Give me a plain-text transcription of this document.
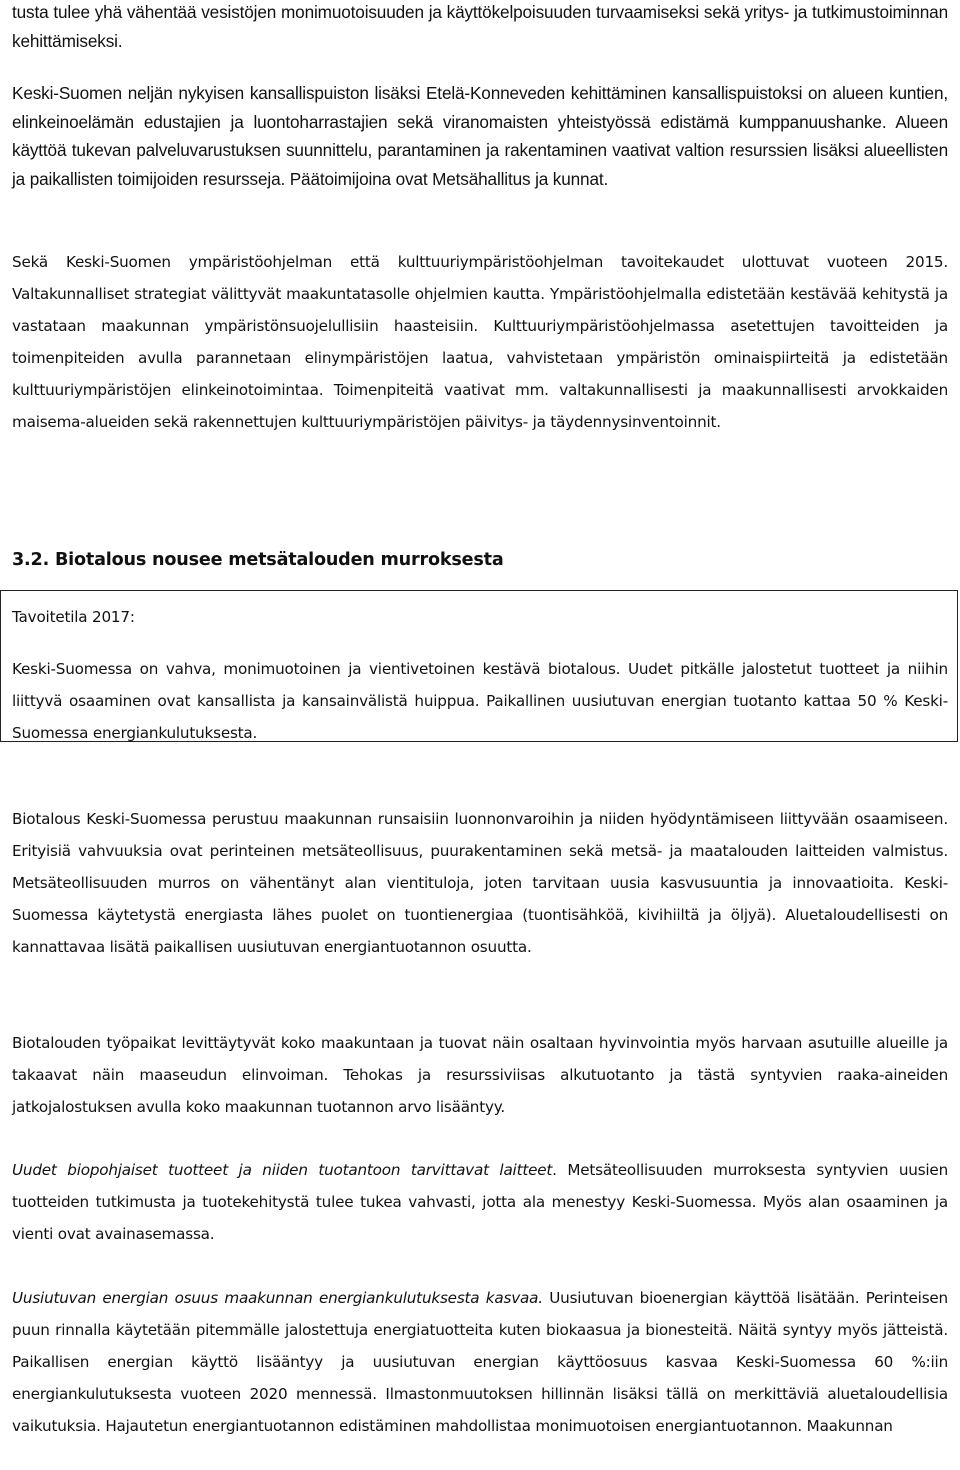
tusta tulee yhä vähentää vesistöjen monimuotoisuuden ja käyttökelpoisuuden turvaamiseksi sekä yritys- ja tutkimustoiminnan kehittämiseksi.

Keski-Suomen neljän nykyisen kansallispuiston lisäksi Etelä-Konneveden kehittäminen kansallispuistoksi on alueen kuntien, elinkeinoelämän edustajien ja luontoharrastajien sekä viranomaisten yhteistyössä edistämä kumppanuushanke. Alueen käyttöä tukevan palveluvarustuksen suunnittelu, parantaminen ja rakentaminen vaativat valtion resurssien lisäksi alueellisten ja paikallisten toimijoiden resursseja. Päätoimijoina ovat Metsähallitus ja kunnat.

Sekä Keski-Suomen ympäristöohjelman että kulttuuriympäristöohjelman tavoitekaudet ulottuvat vuoteen 2015. Valtakunnalliset strategiat välittyvät maakuntatasolle ohjelmien kautta. Ympäristöohjelmalla edistetään kestävää kehitystä ja vastataan maakunnan ympäristönsuojelullisiin haasteisiin. Kulttuuriympäristöohjelmassa asetettujen tavoitteiden ja toimenpiteiden avulla parannetaan elinympäristöjen laatua, vahvistetaan ympäristön ominaispiirteitä ja edistetään kulttuuriympäristöjen elinkeinotoimintaa. Toimenpiteitä vaativat mm. valtakunnallisesti ja maakunnallisesti arvokkaiden maisema-alueiden sekä rakennettujen kulttuuriympäristöjen päivitys- ja täydennysinventoinnit.

3.2. Biotalous nousee metsätalouden murroksesta

Tavoitetila 2017:

Keski-Suomessa on vahva, monimuotoinen ja vientivetoinen kestävä biotalous. Uudet pitkälle jalostetut tuotteet ja niihin liittyvä osaaminen ovat kansallista ja kansainvälistä huippua. Paikallinen uusiutuvan energian tuotanto kattaa 50 % Keski-Suomessa energiankulutuksesta.

Biotalous Keski-Suomessa perustuu maakunnan runsaisiin luonnonvaroihin ja niiden hyödyntämiseen liittyvään osaamiseen. Erityisiä vahvuuksia ovat perinteinen metsäteollisuus, puurakentaminen sekä metsä- ja maatalouden laitteiden valmistus. Metsäteollisuuden murros on vähentänyt alan vientituloja, joten tarvitaan uusia kasvusuuntia ja innovaatioita. Keski-Suomessa käytetystä energiasta lähes puolet on tuontienergiaa (tuontisähköä, kivihiiltä ja öljyä). Aluetaloudellisesti on kannattavaa lisätä paikallisen uusiutuvan energiantuotannon osuutta.

Biotalouden työpaikat levittäytyvät koko maakuntaan ja tuovat näin osaltaan hyvinvointia myös harvaan asutuille alueille ja takaavat näin maaseudun elinvoiman. Tehokas ja resurssiviisas alkutuotanto ja tästä syntyvien raaka-aineiden jatkojalostuksen avulla koko maakunnan tuotannon arvo lisääntyy.

Uudet biopohjaiset tuotteet ja niiden tuotantoon tarvittavat laitteet. Metsäteollisuuden murroksesta syntyvien uusien tuotteiden tutkimusta ja tuotekehitystä tulee tukea vahvasti, jotta ala menestyy Keski-Suomessa. Myös alan osaaminen ja vienti ovat avainasemassa.

Uusiutuvan energian osuus maakunnan energiankulutuksesta kasvaa. Uusiutuvan bioenergian käyttöä lisätään. Perinteisen puun rinnalla käytetään pitemmälle jalostettuja energiatuotteita kuten biokaasua ja bionesteitä. Näitä syntyy myös jätteistä. Paikallisen energian käyttö lisääntyy ja uusiutuvan energian käyttöosuus kasvaa Keski-Suomessa 60 %:iin energiankulutuksesta vuoteen 2020 mennessä. Ilmastonmuutoksen hillinnän lisäksi tällä on merkittäviä aluetaloudellisia vaikutuksia. Hajautetun energiantuotannon edistäminen mahdollistaa monimuotoisen energiantuotannon. Maakunnan
